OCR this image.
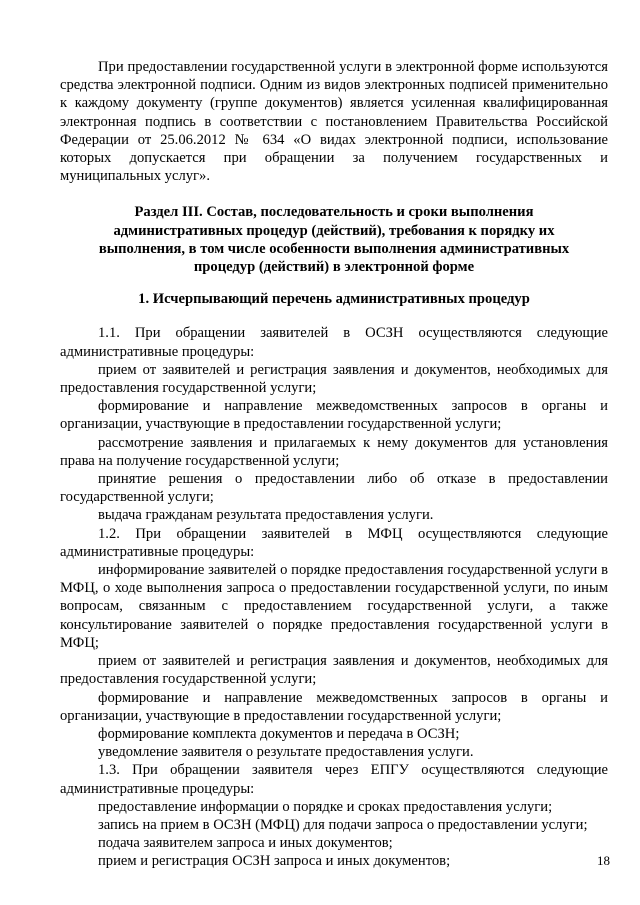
При предоставлении государственной услуги в электронной форме используются средства электронной подписи. Одним из видов электронных подписей применительно к каждому документу (группе документов) является усиленная квалифицированная электронная подпись в соответствии с постановлением Правительства Российской Федерации от 25.06.2012 № 634 «О видах электронной подписи, использование которых допускается при обращении за получением государственных и муниципальных услуг».

Раздел III. Состав, последовательность и сроки выполнения административных процедур (действий), требования к порядку их выполнения, в том числе особенности выполнения административных процедур (действий) в электронной форме

1. Исчерпывающий перечень административных процедур

1.1. При обращении заявителей в ОСЗН осуществляются следующие административные процедуры:

прием от заявителей и регистрация заявления и документов, необходимых для предоставления государственной услуги;

формирование и направление межведомственных запросов в органы и организации, участвующие в предоставлении государственной услуги;

рассмотрение заявления и прилагаемых к нему документов для установления права на получение государственной услуги;

принятие решения о предоставлении либо об отказе в предоставлении государственной услуги;

выдача гражданам результата предоставления услуги.

1.2. При обращении заявителей в МФЦ осуществляются следующие административные процедуры:

информирование заявителей о порядке предоставления государственной услуги в МФЦ, о ходе выполнения запроса о предоставлении государственной услуги, по иным вопросам, связанным с предоставлением государственной услуги, а также консультирование заявителей о порядке предоставления государственной услуги в МФЦ;

прием от заявителей и регистрация заявления и документов, необходимых для предоставления государственной услуги;

формирование и направление межведомственных запросов в органы и организации, участвующие в предоставлении государственной услуги;

формирование комплекта документов и передача в ОСЗН;

уведомление заявителя о результате предоставления услуги.

1.3. При обращении заявителя через ЕПГУ осуществляются следующие административные процедуры:

предоставление информации о порядке и сроках предоставления услуги;

запись на прием в ОСЗН (МФЦ) для подачи запроса о предоставлении услуги;

подача заявителем запроса и иных документов;

прием и регистрация ОСЗН запроса и иных документов;	18
